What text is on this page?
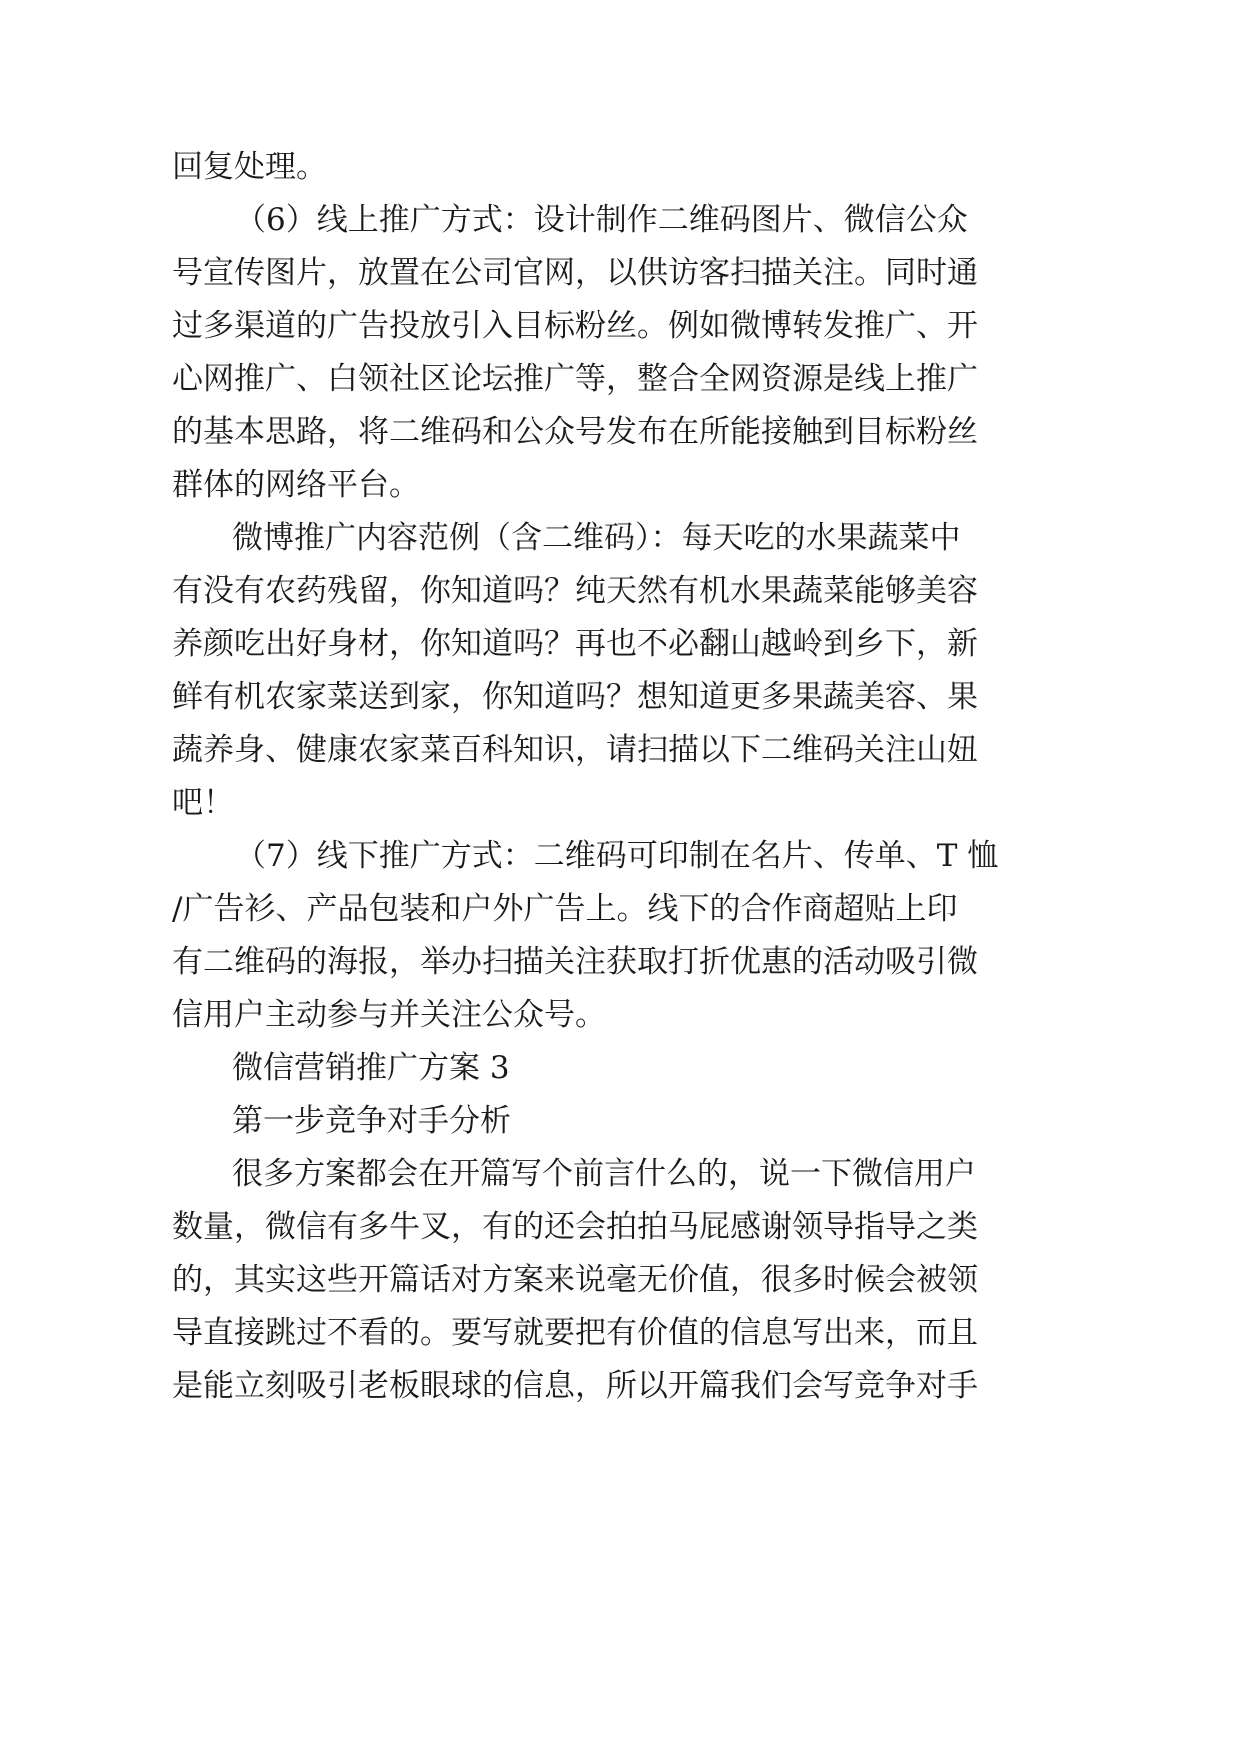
回复处理。

（6）线上推广方式：设计制作二维码图片、微信公众

号宣传图片，放置在公司官网，以供访客扫描关注。同时通

过多渠道的广告投放引入目标粉丝。例如微博转发推广、开

心网推广、白领社区论坛推广等，整合全网资源是线上推广

的基本思路，将二维码和公众号发布在所能接触到目标粉丝

群体的网络平台。

微博推广内容范例（含二维码）：每天吃的水果蔬菜中

有没有农药残留，你知道吗？纯天然有机水果蔬菜能够美容

养颜吃出好身材，你知道吗？再也不必翻山越岭到乡下，新

鲜有机农家菜送到家，你知道吗？想知道更多果蔬美容、果

蔬养身、健康农家菜百科知识，请扫描以下二维码关注山妞

吧！

（7）线下推广方式：二维码可印制在名片、传单、T 恤

/广告衫、产品包装和户外广告上。线下的合作商超贴上印

有二维码的海报，举办扫描关注获取打折优惠的活动吸引微

信用户主动参与并关注公众号。

微信营销推广方案 3

第一步竞争对手分析

很多方案都会在开篇写个前言什么的，说一下微信用户

数量，微信有多牛叉，有的还会拍拍马屁感谢领导指导之类

的，其实这些开篇话对方案来说毫无价值，很多时候会被领

导直接跳过不看的。要写就要把有价值的信息写出来，而且

是能立刻吸引老板眼球的信息，所以开篇我们会写竞争对手
